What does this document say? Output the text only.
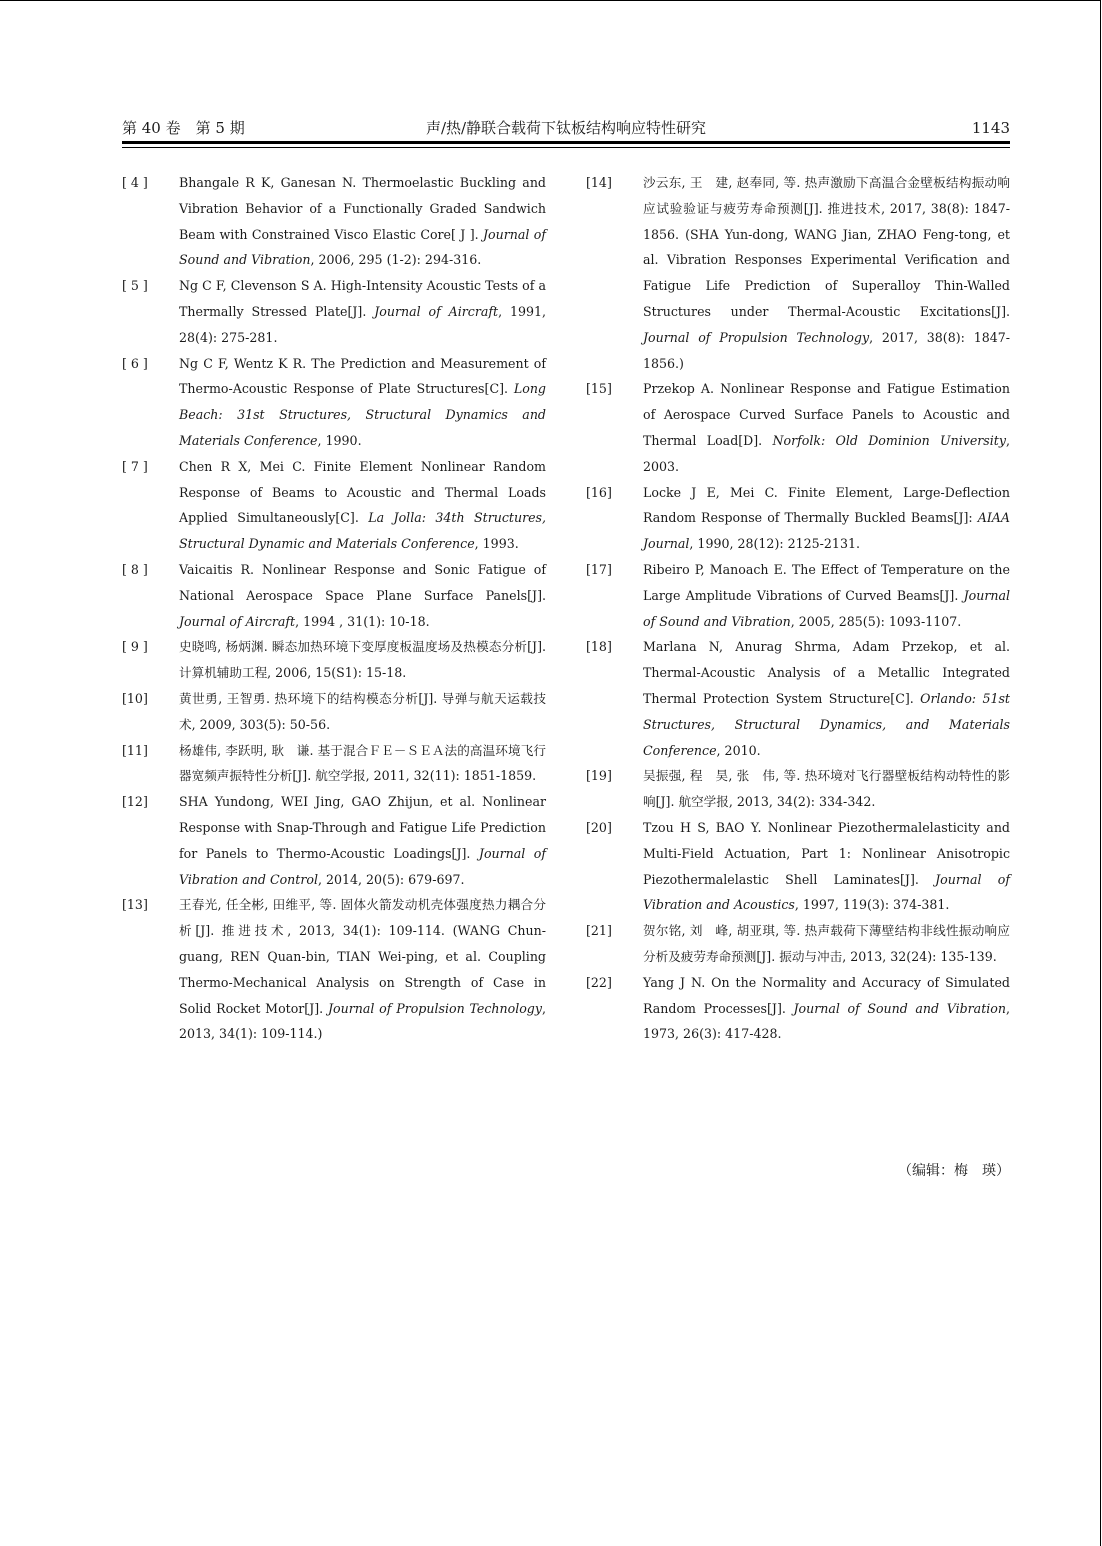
第 40 卷　第 5 期	声/热/静联合载荷下钛板结构响应特性研究	1143
[ 4 ] Bhangale R K, Ganesan N. Thermoelastic Buckling and Vibration Behavior of a Functionally Graded Sandwich Beam with Constrained Visco Elastic Core[ J ]. Journal of Sound and Vibration, 2006, 295 (1-2): 294-316.
[ 5 ] Ng C F, Clevenson S A. High-Intensity Acoustic Tests of a Thermally Stressed Plate[J]. Journal of Aircraft, 1991, 28(4): 275-281.
[ 6 ] Ng C F, Wentz K R. The Prediction and Measurement of Thermo-Acoustic Response of Plate Structures[C]. Long Beach: 31st Structures, Structural Dynamics and Materials Conference, 1990.
[ 7 ] Chen R X, Mei C. Finite Element Nonlinear Random Response of Beams to Acoustic and Thermal Loads Applied Simultaneously[C]. La Jolla: 34th Structures, Structural Dynamic and Materials Conference, 1993.
[ 8 ] Vaicaitis R. Nonlinear Response and Sonic Fatigue of National Aerospace Space Plane Surface Panels[J]. Journal of Aircraft, 1994 , 31(1): 10-18.
[ 9 ] 史晓鸣, 杨炳渊. 瞬态加热环境下变厚度板温度场及热模态分析[J]. 计算机辅助工程, 2006, 15(S1): 15-18.
[10] 黄世勇, 王智勇. 热环境下的结构模态分析[J]. 导弹与航天运载技术, 2009, 303(5): 50-56.
[11] 杨雄伟, 李跃明, 耿　谦. 基于混合ＦＥ－ＳＥＡ法的高温环境飞行器宽频声振特性分析[J]. 航空学报, 2011, 32(11): 1851-1859.
[12] SHA Yundong, WEI Jing, GAO Zhijun, et al. Nonlinear Response with Snap-Through and Fatigue Life Prediction for Panels to Thermo-Acoustic Loadings[J]. Journal of Vibration and Control, 2014, 20(5): 679-697.
[13] 王春光, 任全彬, 田维平, 等. 固体火箭发动机壳体强度热力耦合分析[J]. 推进技术, 2013, 34(1): 109-114. (WANG Chun-guang, REN Quan-bin, TIAN Wei-ping, et al. Coupling Thermo-Mechanical Analysis on Strength of Case in Solid Rocket Motor[J]. Journal of Propulsion Technology, 2013, 34(1): 109-114.)
[14] 沙云东, 王　建, 赵奉同, 等. 热声激励下高温合金壁板结构振动响应试验验证与疲劳寿命预测[J]. 推进技术, 2017, 38(8): 1847-1856. (SHA Yun-dong, WANG Jian, ZHAO Feng-tong, et al. Vibration Responses Experimental Verification and Fatigue Life Prediction of Superalloy Thin-Walled Structures under Thermal-Acoustic Excitations[J]. Journal of Propulsion Technology, 2017, 38(8): 1847-1856.)
[15] Przekop A. Nonlinear Response and Fatigue Estimation of Aerospace Curved Surface Panels to Acoustic and Thermal Load[D]. Norfolk: Old Dominion University, 2003.
[16] Locke J E, Mei C. Finite Element, Large-Deflection Random Response of Thermally Buckled Beams[J]: AIAA Journal, 1990, 28(12): 2125-2131.
[17] Ribeiro P, Manoach E. The Effect of Temperature on the Large Amplitude Vibrations of Curved Beams[J]. Journal of Sound and Vibration, 2005, 285(5): 1093-1107.
[18] Marlana N, Anurag Shrma, Adam Przekop, et al. Thermal-Acoustic Analysis of a Metallic Integrated Thermal Protection System Structure[C]. Orlando: 51st Structures, Structural Dynamics, and Materials Conference, 2010.
[19] 吴振强, 程　昊, 张　伟, 等. 热环境对飞行器壁板结构动特性的影响[J]. 航空学报, 2013, 34(2): 334-342.
[20] Tzou H S, BAO Y. Nonlinear Piezothermalelasticity and Multi-Field Actuation, Part 1: Nonlinear Anisotropic Piezothermalelastic Shell Laminates[J]. Journal of Vibration and Acoustics, 1997, 119(3): 374-381.
[21] 贺尔铭, 刘　峰, 胡亚琪, 等. 热声载荷下薄壁结构非线性振动响应分析及疲劳寿命预测[J]. 振动与冲击, 2013, 32(24): 135-139.
[22] Yang J N. On the Normality and Accuracy of Simulated Random Processes[J]. Journal of Sound and Vibration, 1973, 26(3): 417-428.
（编辑：梅　瑛）
